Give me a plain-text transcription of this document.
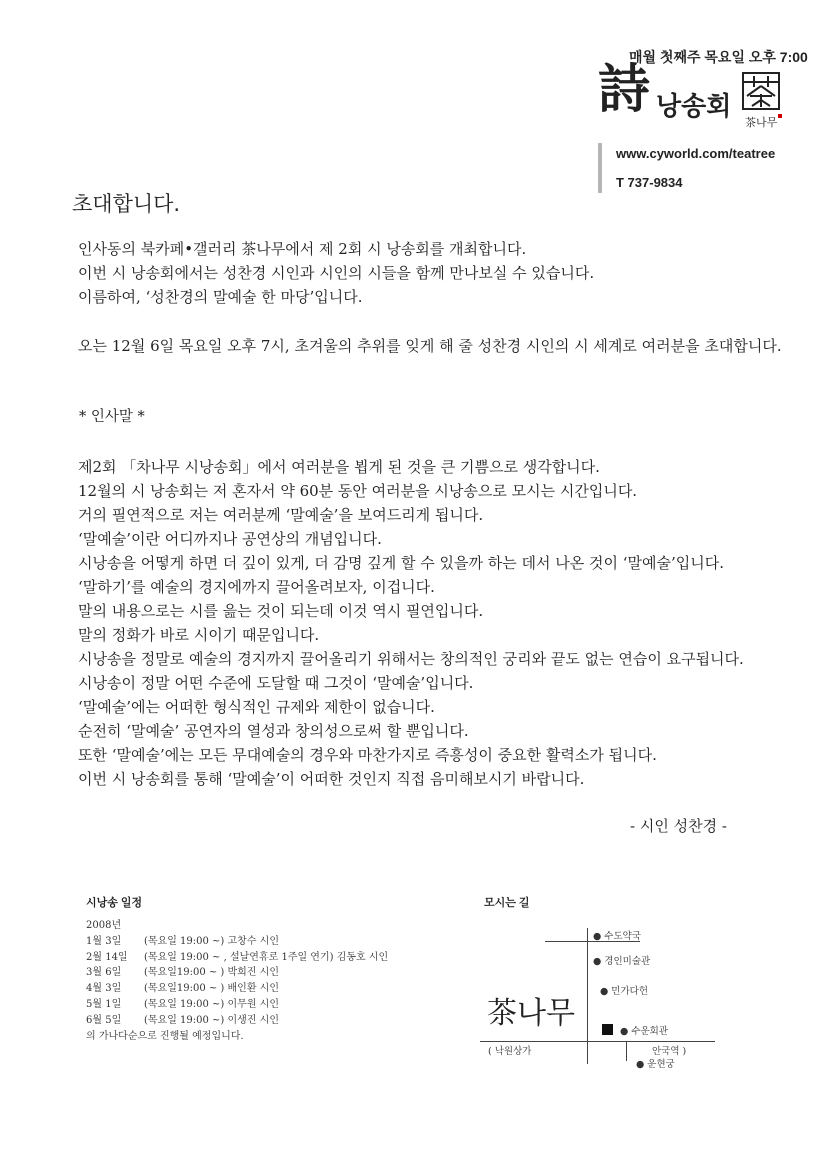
매월 첫째주 목요일 오후 7:00
詩 낭송회
茶나무
www.cyworld.com/teatree
T 737-9834
초대합니다.
인사동의 북카페•갤러리 茶나무에서 제 2회 시 낭송회를 개최합니다.
이번 시 낭송회에서는 성찬경 시인과 시인의 시들을 함께 만나보실 수 있습니다.
이름하여, ‘성찬경의 말예술 한 마당’입니다.
오는 12월 6일 목요일 오후 7시, 초겨울의 추위를 잊게 해 줄 성찬경 시인의 시 세계로 여러분을 초대합니다.
* 인사말 *
제2회 「차나무 시낭송회」에서 여러분을 뵙게 된 것을 큰 기쁨으로 생각합니다.
12월의 시 낭송회는 저 혼자서 약 60분 동안 여러분을 시낭송으로 모시는 시간입니다.
거의 필연적으로 저는 여러분께 ‘말예술’을 보여드리게 됩니다.
‘말예술’이란 어디까지나 공연상의 개념입니다.
시낭송을 어떻게 하면 더 깊이 있게, 더 감명 깊게 할 수 있을까 하는 데서 나온 것이 ‘말예술’입니다.
‘말하기’를 예술의 경지에까지 끌어올려보자, 이겁니다.
말의 내용으로는 시를 읊는 것이 되는데 이것 역시 필연입니다.
말의 정화가 바로 시이기 때문입니다.
시낭송을 정말로 예술의 경지까지 끌어올리기 위해서는 창의적인 궁리와 끝도 없는 연습이 요구됩니다.
시낭송이 정말 어떤 수준에 도달할 때 그것이 ‘말예술’입니다.
‘말예술’에는 어떠한 형식적인 규제와 제한이 없습니다.
순전히 ‘말예술’ 공연자의 열성과 창의성으로써 할 뿐입니다.
또한 ‘말예술’에는 모든 무대예술의 경우와 마찬가지로 즉흥성이 중요한 활력소가 됩니다.
이번 시 낭송회를 통해 ‘말예술’이 어떠한 것인지 직접 음미해보시기 바랍니다.
- 시인 성찬경 -
시낭송 일정
2008년
1월 3일 (목요일 19:00 ~) 고창수 시인
2월 14일 (목요일 19:00 ~ , 설날연휴로 1주일 연기) 김동호 시인
3월 6일 (목요일19:00 ~ ) 박희진 시인
4월 3일 (목요일19:00 ~ ) 배인환 시인
5월 1일 (목요일 19:00 ~) 이무원 시인
6월 5일 (목요일 19:00 ~) 이생진 시인
의 가나다순으로 진행될 예정입니다.
모시는 길
茶나무
● 수도약국
● 경인미술관
● 민가다헌
● 수운회관
( 낙원상가	안국역 )
● 운현궁
